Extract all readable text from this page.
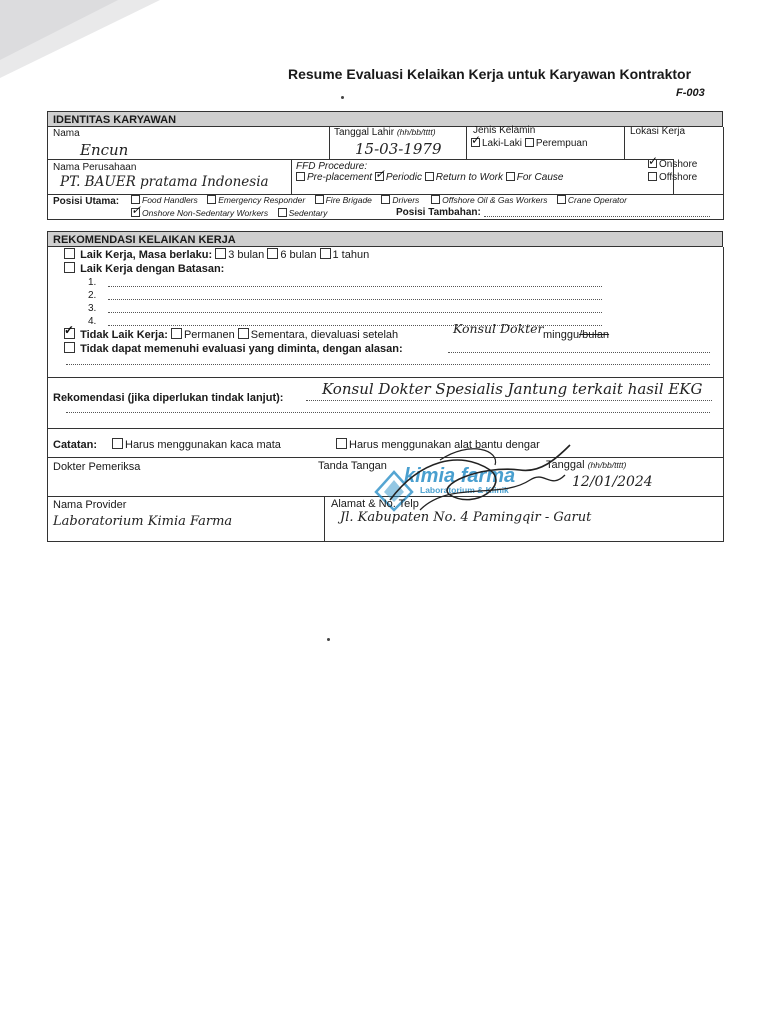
Resume Evaluasi Kelaikan Kerja untuk Karyawan Kontraktor
F-003
IDENTITAS KARYAWAN
Nama
Encun
Tanggal Lahir (hh/bb/tttt)
15-03-1979
Jenis Kelamin
✓Laki-Laki Perempuan
Lokasi Kerja
✓Onshore
Offshore
Nama Perusahaan
PT. BAUER pratama Indonesia
FFD Procedure:
Pre-placement ✓ Periodic Return to Work For Cause
Posisi Utama:	Food Handlers Emergency Responder Fire Brigade Drivers	Offshore Oil & Gas Workers Crane Operator
✓Onshore Non-Sedentary Workers Sedentary	Posisi Tambahan:
REKOMENDASI KELAIKAN KERJA
Laik Kerja, Masa berlaku: 3 bulan 6 bulan 1 tahun
Laik Kerja dengan Batasan:
1.
2.
3.
4.
✓ Tidak Laik Kerja: Permanen Sementara, dievaluasi setelah	Konsul Dokter minggu/bulan
Tidak dapat memenuhi evaluasi yang diminta, dengan alasan:
Rekomendasi (jika diperlukan tindak lanjut):	Konsul Dokter Spesialis Jantung terkait hasil EKG
Catatan:	Harus menggunakan kaca mata	Harus menggunakan alat bantu dengar
Dokter Pemeriksa	Tanda Tangan	Tanggal (hh/bb/tttt)
12/01/2024
kimia farma
Laboratorium & Klinik
Nama Provider
Laboratorium Kimia Farma
Alamat & No. Telp
Jl. Kabupaten No. 4 Pamingqir - Garut
